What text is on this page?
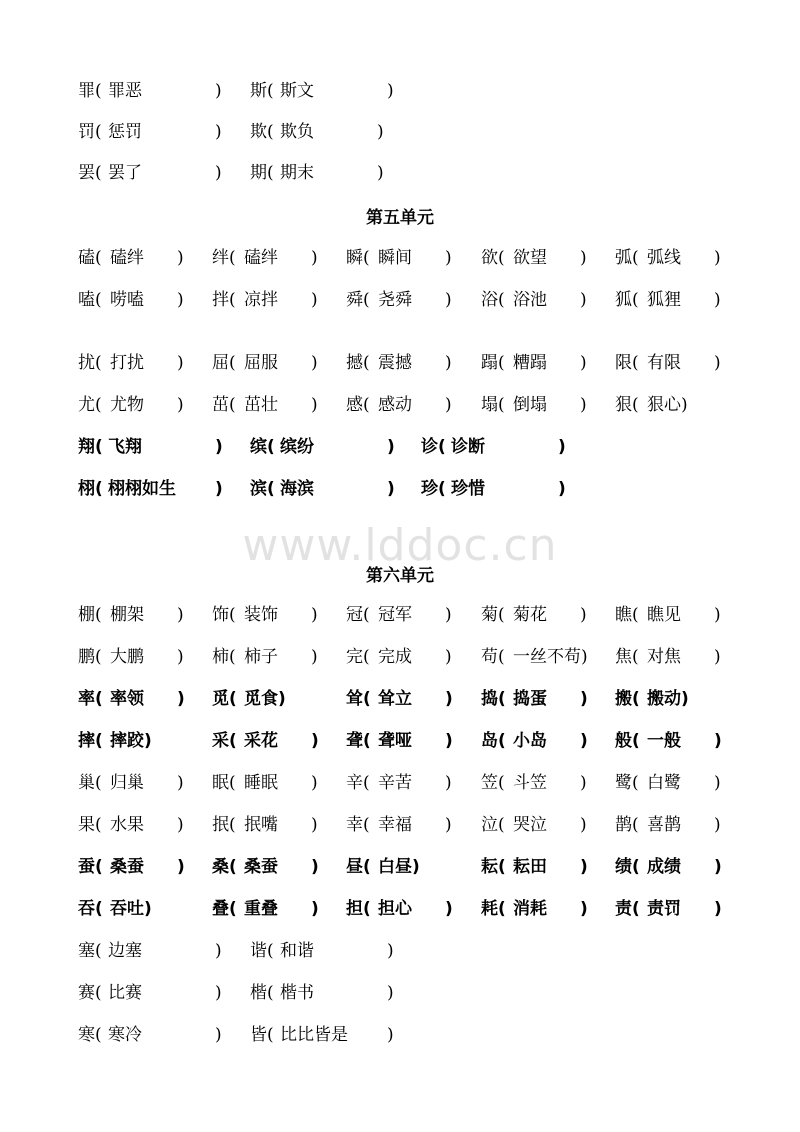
www.lddoc.cn
第五单元
第六单元
罪( 罪恶	) 斯( 斯文	)
罚( 惩罚	) 欺( 欺负	)
罢( 罢了	) 期( 期末	)
磕( 磕绊 ) 绊( 磕绊 ) 瞬( 瞬间 ) 欲( 欲望 ) 弧( 弧线 )
嗑( 唠嗑 ) 拌( 凉拌 ) 舜( 尧舜 ) 浴( 浴池 ) 狐( 狐狸 )
扰( 打扰 ) 屈( 屈服 ) 撼( 震撼 ) 蹋( 糟蹋 ) 限( 有限 )
尤( 尤物 ) 茁( 茁壮 ) 感( 感动 ) 塌( 倒塌 ) 狠( 狠心)
翔( 飞翔	) 缤( 缤纷	) 诊( 诊断	)
栩( 栩栩如生 ) 滨( 海滨	) 珍( 珍惜	)
棚( 棚架 ) 饰( 装饰 ) 冠( 冠军 ) 菊( 菊花 ) 瞧( 瞧见 )
鹏( 大鹏 ) 柿( 柿子 ) 完( 完成 ) 苟( 一丝不苟) 焦( 对焦 )
率( 率领 ) 觅( 觅食)	耸( 耸立 ) 捣( 捣蛋 ) 搬( 搬动)
摔( 摔跤)	采( 采花 ) 聋( 聋哑 ) 岛( 小岛 ) 般( 一般 )
巢( 归巢 ) 眠( 睡眠 ) 辛( 辛苦 ) 笠( 斗笠 ) 鹭( 白鹭 )
果( 水果 ) 抿( 抿嘴 ) 幸( 幸福 ) 泣( 哭泣 ) 鹊( 喜鹊 )
蚕( 桑蚕 ) 桑( 桑蚕 ) 昼( 白昼)	耘( 耘田 ) 绩( 成绩 )
吞( 吞吐)	叠( 重叠 ) 担( 担心 ) 耗( 消耗 ) 责( 责罚 )
塞( 边塞	) 谐( 和谐	)
赛( 比赛	) 楷( 楷书	)
寒( 寒冷	) 皆( 比比皆是 )
